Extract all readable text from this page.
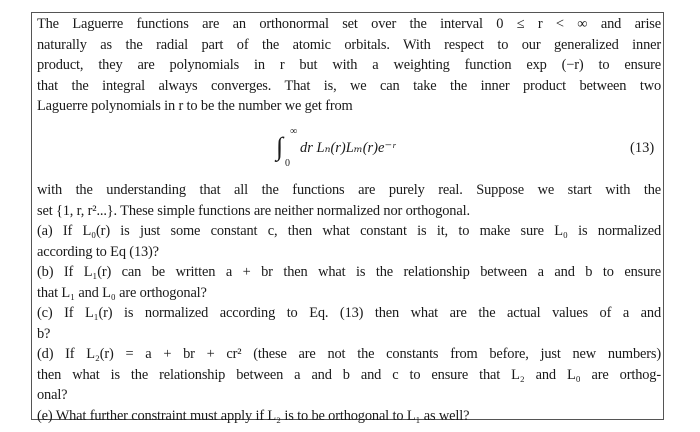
The Laguerre functions are an orthonormal set over the interval 0 ≤ r < ∞ and arise
naturally as the radial part of the atomic orbitals. With respect to our generalized inner
product, they are polynomials in r but with a weighting function exp (−r) to ensure
that the integral always converges. That is, we can take the inner product between two
Laguerre polynomials in r to be the number we get from
∫
∞
0
dr Lₙ(r)Lₘ(r)e⁻ʳ	(13)
with the understanding that all the functions are purely real. Suppose we start with the
set {1, r, r²...}. These simple functions are neither normalized nor orthogonal.
(a) If L₀(r) is just some constant c, then what constant is it, to make sure L₀ is normalized
according to Eq (13)?
(b) If L₁(r) can be written a + br then what is the relationship between a and b to ensure
that L₁ and L₀ are orthogonal?
(c) If L₁(r) is normalized according to Eq. (13) then what are the actual values of a and
b?
(d) If L₂(r) = a + br + cr² (these are not the constants from before, just new numbers)
then what is the relationship between a and b and c to ensure that L₂ and L₀ are orthog-
onal?
(e) What further constraint must apply if L₂ is to be orthogonal to L₁ as well?
